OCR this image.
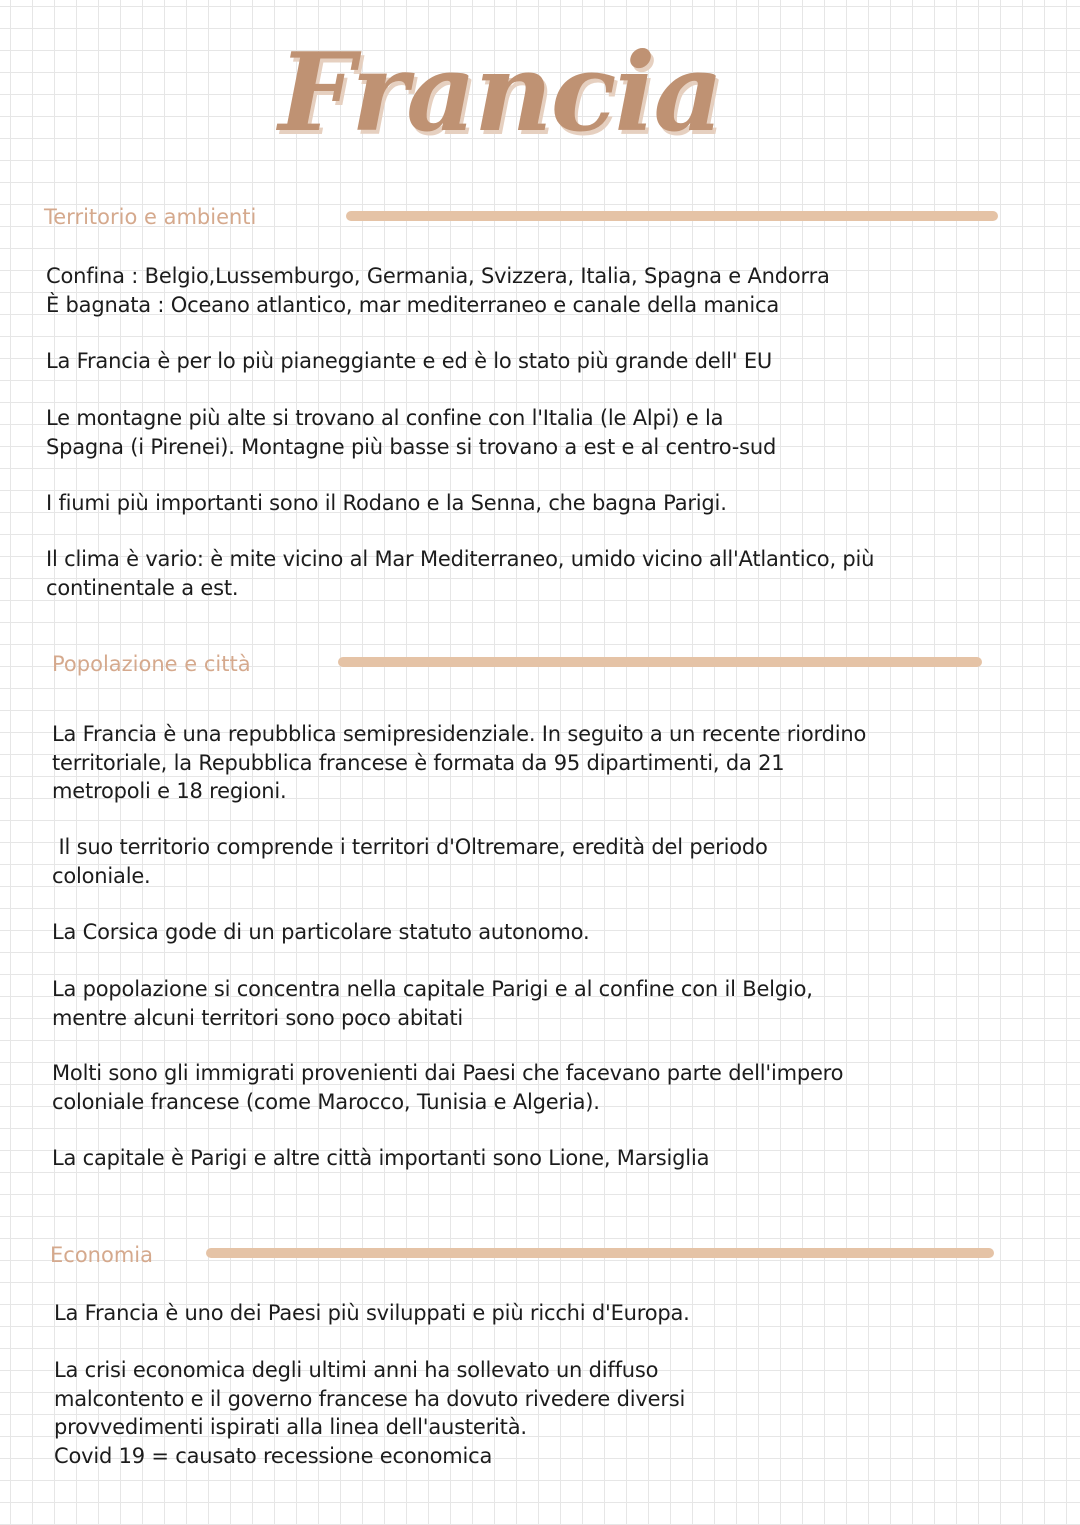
Francia
Territorio e ambienti
Confina : Belgio,Lussemburgo, Germania, Svizzera, Italia, Spagna e Andorra
È bagnata : Oceano atlantico, mar mediterraneo e canale della manica
La Francia è per lo più pianeggiante e ed è lo stato più grande dell' EU
Le montagne più alte si trovano al confine con l'Italia (le Alpi) e la
Spagna (i Pirenei). Montagne più basse si trovano a est e al centro-sud
I fiumi più importanti sono il Rodano e la Senna, che bagna Parigi.
Il clima è vario: è mite vicino al Mar Mediterraneo, umido vicino all'Atlantico, più
continentale a est.
Popolazione e città
La Francia è una repubblica semipresidenziale. In seguito a un recente riordino
territoriale, la Repubblica francese è formata da 95 dipartimenti, da 21
metropoli e 18 regioni.
Il suo territorio comprende i territori d'Oltremare, eredità del periodo
coloniale.
La Corsica gode di un particolare statuto autonomo.
La popolazione si concentra nella capitale Parigi e al confine con il Belgio,
mentre alcuni territori sono poco abitati
Molti sono gli immigrati provenienti dai Paesi che facevano parte dell'impero
coloniale francese (come Marocco, Tunisia e Algeria).
La capitale è Parigi e altre città importanti sono Lione, Marsiglia
Economia
La Francia è uno dei Paesi più sviluppati e più ricchi d'Europa.
La crisi economica degli ultimi anni ha sollevato un diffuso
malcontento e il governo francese ha dovuto rivedere diversi
provvedimenti ispirati alla linea dell'austerità.
Covid 19 = causato recessione economica
